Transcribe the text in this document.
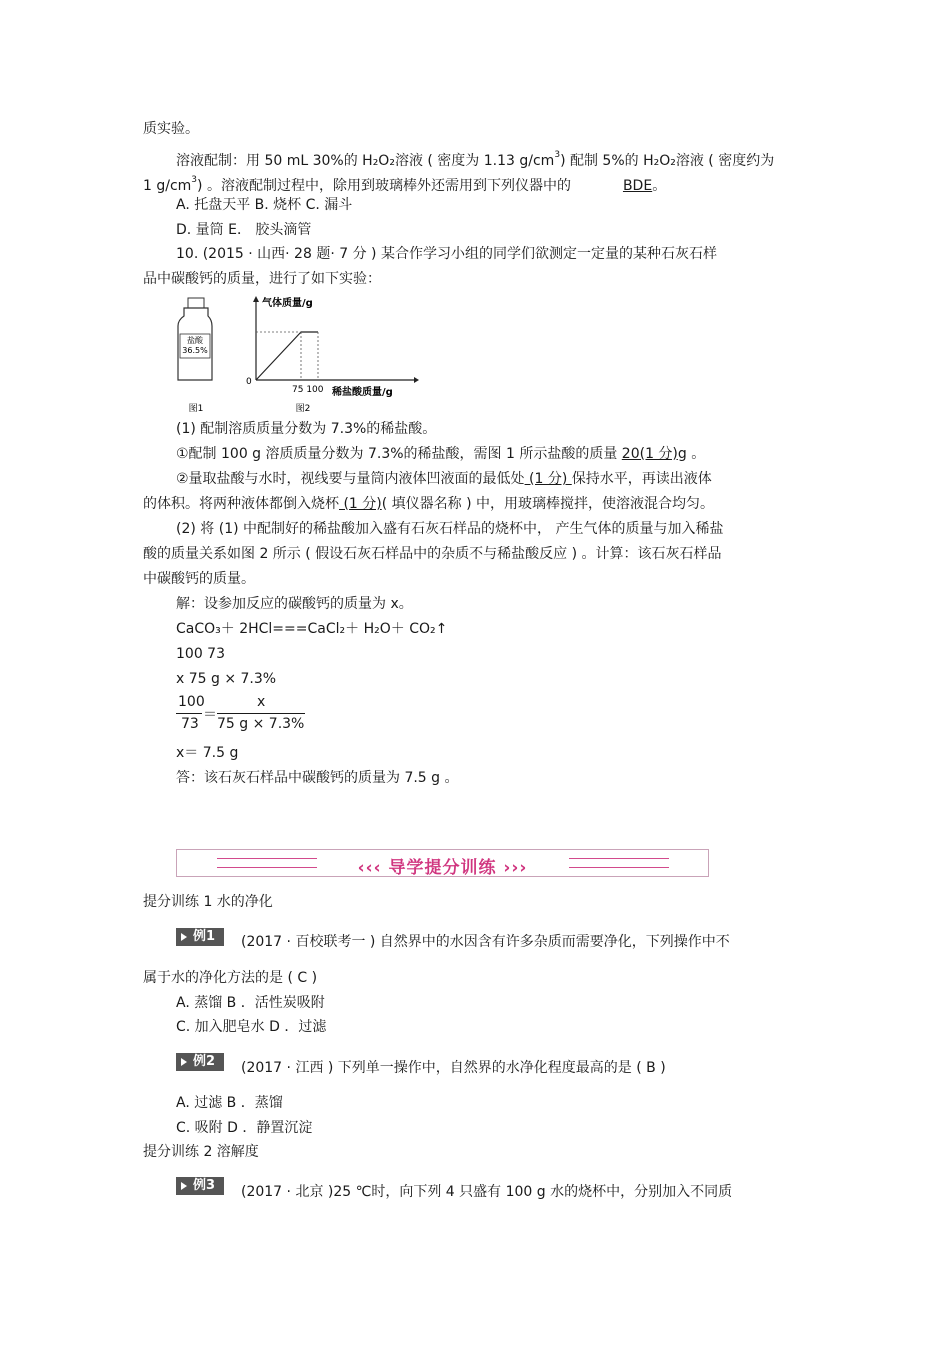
质实验。
溶液配制：用 50 mL 30%的 H₂O₂溶液 ( 密度为 1.13 $g/cm^3$) 配制 5%的 H₂O₂溶液 ( 密度约为
1 $g/cm^3$) 。溶液配制过程中，除用到玻璃棒外还需用到下列仪器中的	BDE。
A. 托盘天平 B. 烧杯 C. 漏斗
D. 量筒 E． 胶头滴管
10. (2015 · 山西· 28 题· 7 分 ) 某合作学习小组的同学们欲测定一定量的某种石灰石样
品中碳酸钙的质量，进行了如下实验：
盐酸
36.5%
图1
气体质量/g
0
75 100 稀盐酸质量/g
图2
(1) 配制溶质质量分数为 7.3%的稀盐酸。
①配制 100 g 溶质质量分数为 7.3%的稀盐酸，需图 1 所示盐酸的质量 20(1 分)g 。
②量取盐酸与水时，视线要与量筒内液体凹液面的最低处 (1 分) 保持水平，再读出液体
的体积。将两种液体都倒入烧杯 (1 分)( 填仪器名称 ) 中，用玻璃棒搅拌，使溶液混合均匀。
(2) 将 (1) 中配制好的稀盐酸加入盛有石灰石样品的烧杯中， 产生气体的质量与加入稀盐
酸的质量关系如图 2 所示 ( 假设石灰石样品中的杂质不与稀盐酸反应 ) 。计算：该石灰石样品
中碳酸钙的质量。
解：设参加反应的碳酸钙的质量为 x。
CaCO₃＋ 2HCl===CaCl₂＋ H₂O＋ CO₂↑
100 73
x 75 g × 7.3%
100
73
＝
x
75 g × 7.3%
x＝ 7.5 g
答：该石灰石样品中碳酸钙的质量为 7.5 g 。
‹‹‹ 导学提分训练 ›››
提分训练 1 水的净化
例1 (2017 · 百校联考一 ) 自然界中的水因含有许多杂质而需要净化，下列操作中不
属于水的净化方法的是 ( C )
A. 蒸馏 B ．活性炭吸附
C. 加入肥皂水 D ．过滤
例2 (2017 · 江西 ) 下列单一操作中，自然界的水净化程度最高的是 ( B )
A. 过滤 B ．蒸馏
C. 吸附 D ．静置沉淀
提分训练 2 溶解度
例3 (2017 · 北京 )25 ℃时，向下列 4 只盛有 100 g 水的烧杯中，分别加入不同质
